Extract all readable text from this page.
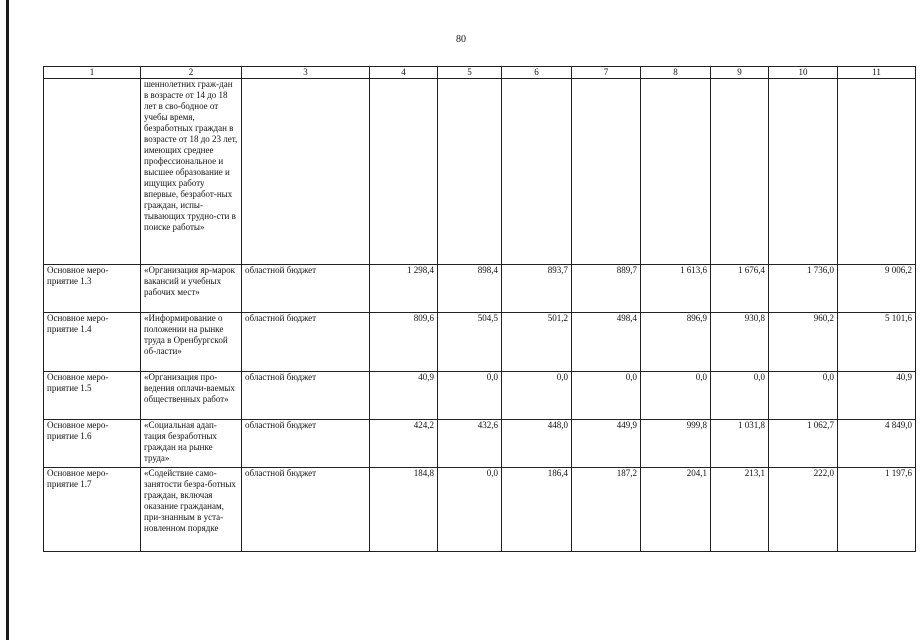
80
1	2	3	4	5	6	7	8	9	10	11
	шеннолетних граж-дан в возрасте от 14 до 18 лет в сво-бодное от учебы время, безработных граждан в возрасте от 18 до 23 лет, имеющих среднее профессиональное и высшее образование и ищущих работу впервые, безработ-ных граждан, испы-тывающих трудно-сти в поиске работы»									
Основное меро-приятие 1.3	«Организация яр-марок вакансий и учебных рабочих мест»	областной бюджет	1 298,4	898,4	893,7	889,7	1 613,6	1 676,4	1 736,0	9 006,2
Основное меро-приятие 1.4	«Информирование о положении на рынке труда в Оренбургской об-ласти»	областной бюджет	809,6	504,5	501,2	498,4	896,9	930,8	960,2	5 101,6
Основное меро-приятие 1.5	«Организация про-ведения оплачи-ваемых общественных работ»	областной бюджет	40,9	0,0	0,0	0,0	0,0	0,0	0,0	40,9
Основное меро-приятие 1.6	«Социальная адап-тация безработных граждан на рынке труда»	областной бюджет	424,2	432,6	448,0	449,9	999,8	1 031,8	1 062,7	4 849,0
Основное меро-приятие 1.7	«Содействие само-занятости безра-ботных граждан, включая оказание гражданам, при-знанным в уста-новленном порядке	областной бюджет	184,8	0,0	186,4	187,2	204,1	213,1	222,0	1 197,6
